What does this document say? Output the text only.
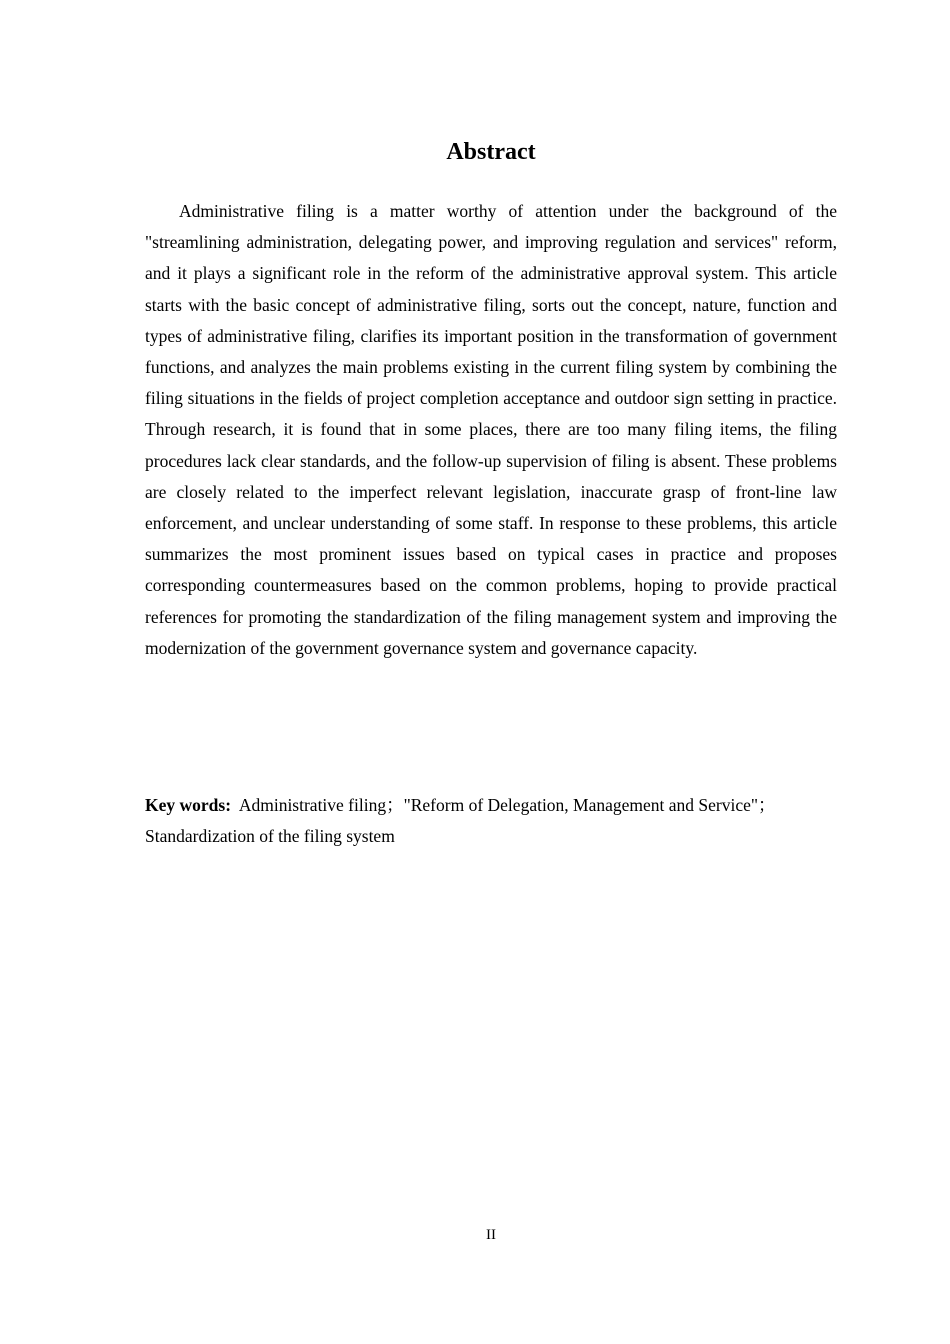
Abstract

Administrative filing is a matter worthy of attention under the background of the "streamlining administration, delegating power, and improving regulation and services" reform, and it plays a significant role in the reform of the administrative approval system. This article starts with the basic concept of administrative filing, sorts out the concept, nature, function and types of administrative filing, clarifies its important position in the transformation of government functions, and analyzes the main problems existing in the current filing system by combining the filing situations in the fields of project completion acceptance and outdoor sign setting in practice. Through research, it is found that in some places, there are too many filing items, the filing procedures lack clear standards, and the follow-up supervision of filing is absent. These problems are closely related to the imperfect relevant legislation, inaccurate grasp of front-line law enforcement, and unclear understanding of some staff. In response to these problems, this article summarizes the most prominent issues based on typical cases in practice and proposes corresponding countermeasures based on the common problems, hoping to provide practical references for promoting the standardization of the filing management system and improving the modernization of the government governance system and governance capacity.

Key words: Administrative filing；"Reform of Delegation, Management and Service"；Standardization of the filing system

II
